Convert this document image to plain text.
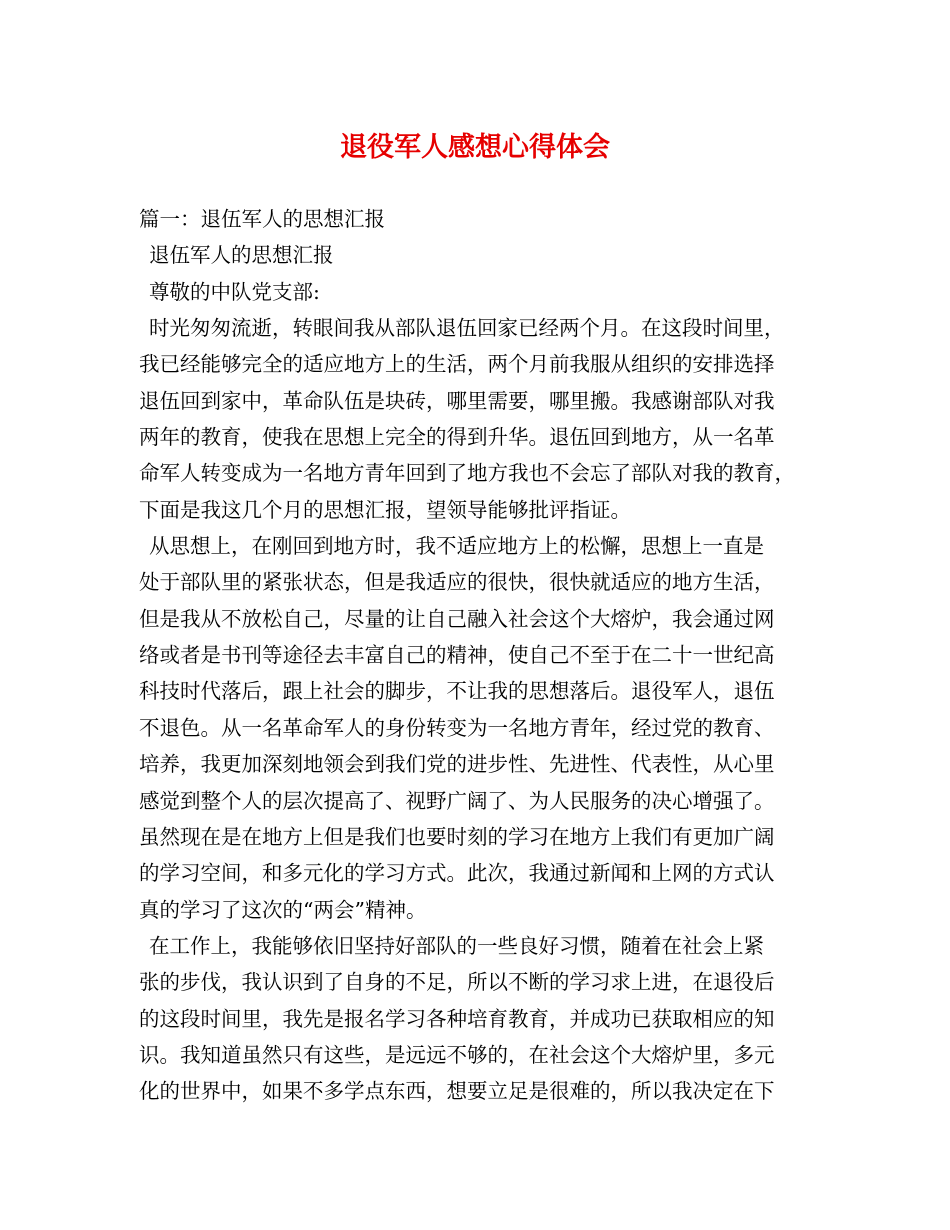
退役军人感想心得体会
篇一：退伍军人的思想汇报
退伍军人的思想汇报
尊敬的中队党支部:
时光匆匆流逝，转眼间我从部队退伍回家已经两个月。在这段时间里，
我已经能够完全的适应地方上的生活，两个月前我服从组织的安排选择
退伍回到家中，革命队伍是块砖，哪里需要，哪里搬。我感谢部队对我
两年的教育，使我在思想上完全的得到升华。退伍回到地方，从一名革
命军人转变成为一名地方青年回到了地方我也不会忘了部队对我的教育，
下面是我这几个月的思想汇报，望领导能够批评指证。
从思想上，在刚回到地方时，我不适应地方上的松懈，思想上一直是
处于部队里的紧张状态，但是我适应的很快，很快就适应的地方生活，
但是我从不放松自己，尽量的让自己融入社会这个大熔炉，我会通过网
络或者是书刊等途径去丰富自己的精神，使自己不至于在二十一世纪高
科技时代落后，跟上社会的脚步，不让我的思想落后。退役军人，退伍
不退色。从一名革命军人的身份转变为一名地方青年，经过党的教育、
培养，我更加深刻地领会到我们党的进步性、先进性、代表性，从心里
感觉到整个人的层次提高了、视野广阔了、为人民服务的决心增强了。
虽然现在是在地方上但是我们也要时刻的学习在地方上我们有更加广阔
的学习空间，和多元化的学习方式。此次，我通过新闻和上网的方式认
真的学习了这次的“两会”精神。
在工作上，我能够依旧坚持好部队的一些良好习惯，随着在社会上紧
张的步伐，我认识到了自身的不足，所以不断的学习求上进，在退役后
的这段时间里，我先是报名学习各种培育教育，并成功已获取相应的知
识。我知道虽然只有这些，是远远不够的，在社会这个大熔炉里，多元
化的世界中，如果不多学点东西，想要立足是很难的，所以我决定在下
